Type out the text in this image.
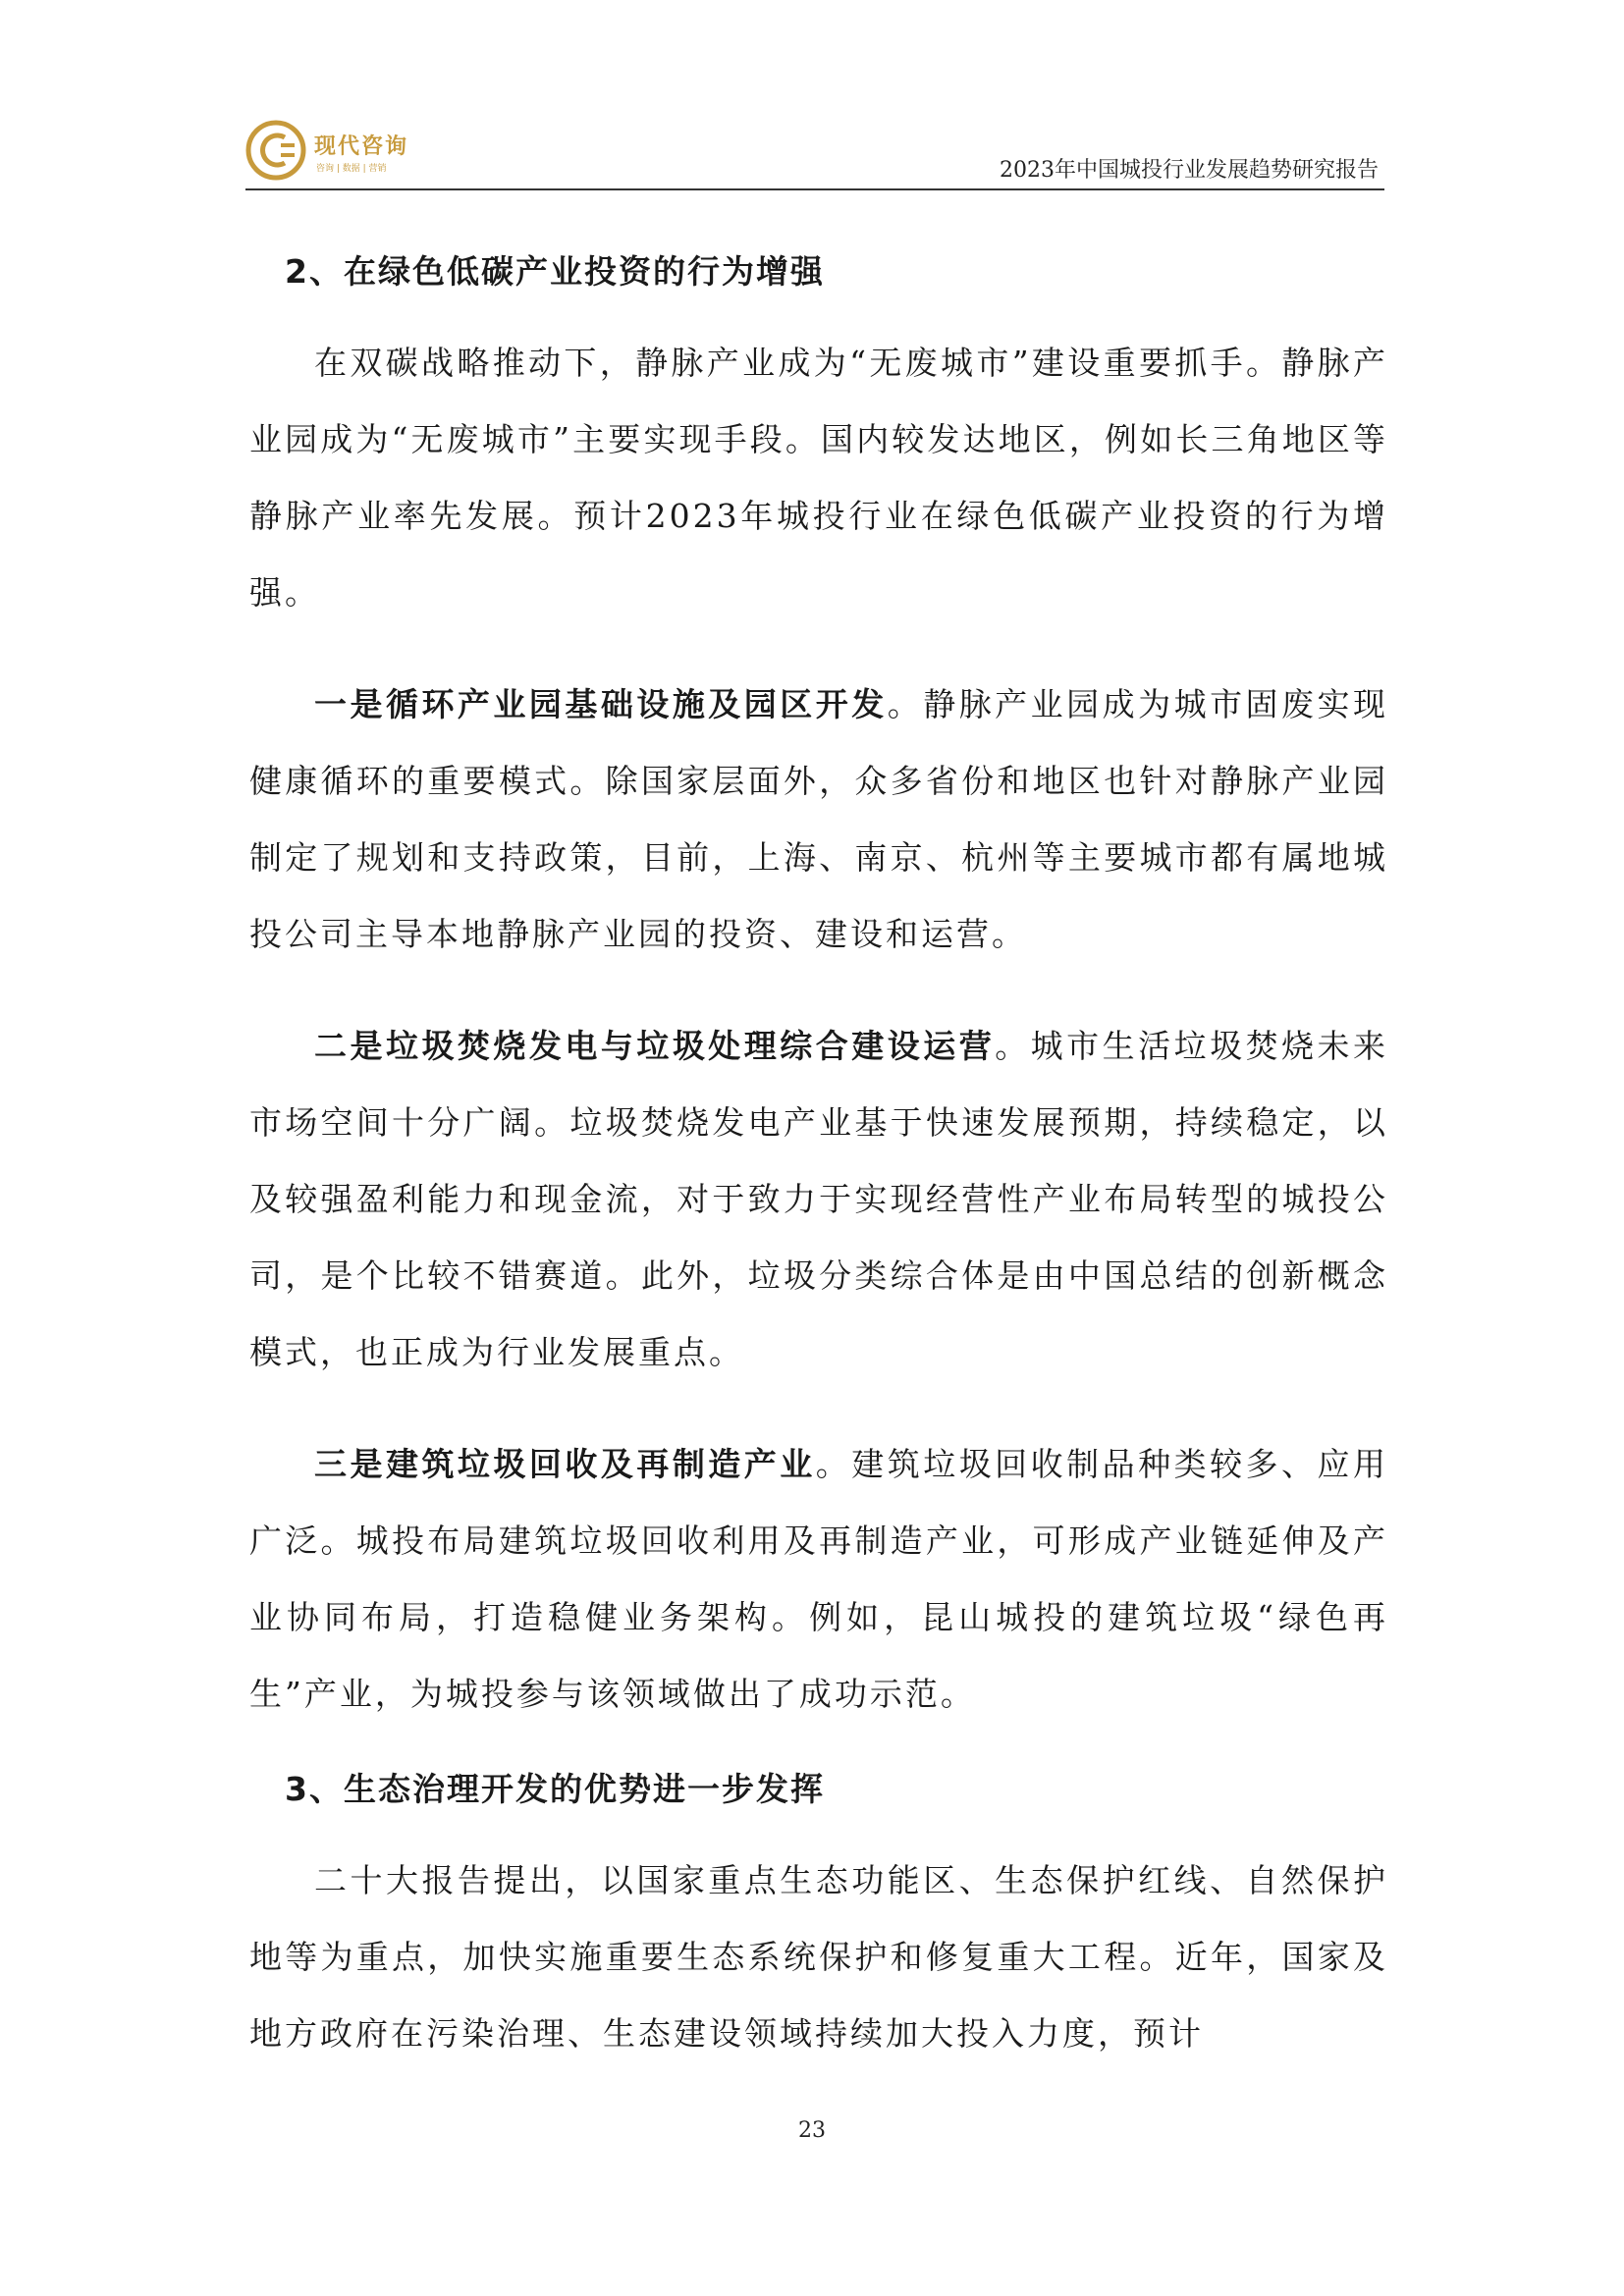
现代咨询
咨询 | 数据 | 营销	2023年中国城投行业发展趋势研究报告
2、在绿色低碳产业投资的行为增强

在双碳战略推动下，静脉产业成为“无废城市”建设重要抓手。静脉产业园成为“无废城市”主要实现手段。国内较发达地区，例如长三角地区等静脉产业率先发展。预计2023年城投行业在绿色低碳产业投资的行为增强。

一是循环产业园基础设施及园区开发。静脉产业园成为城市固废实现健康循环的重要模式。除国家层面外，众多省份和地区也针对静脉产业园制定了规划和支持政策，目前，上海、南京、杭州等主要城市都有属地城投公司主导本地静脉产业园的投资、建设和运营。

二是垃圾焚烧发电与垃圾处理综合建设运营。城市生活垃圾焚烧未来市场空间十分广阔。垃圾焚烧发电产业基于快速发展预期，持续稳定，以及较强盈利能力和现金流，对于致力于实现经营性产业布局转型的城投公司，是个比较不错赛道。此外，垃圾分类综合体是由中国总结的创新概念模式，也正成为行业发展重点。

三是建筑垃圾回收及再制造产业。建筑垃圾回收制品种类较多、应用广泛。城投布局建筑垃圾回收利用及再制造产业，可形成产业链延伸及产业协同布局，打造稳健业务架构。例如，昆山城投的建筑垃圾“绿色再生”产业，为城投参与该领域做出了成功示范。

3、生态治理开发的优势进一步发挥

二十大报告提出，以国家重点生态功能区、生态保护红线、自然保护地等为重点，加快实施重要生态系统保护和修复重大工程。近年，国家及地方政府在污染治理、生态建设领域持续加大投入力度，预计

23
